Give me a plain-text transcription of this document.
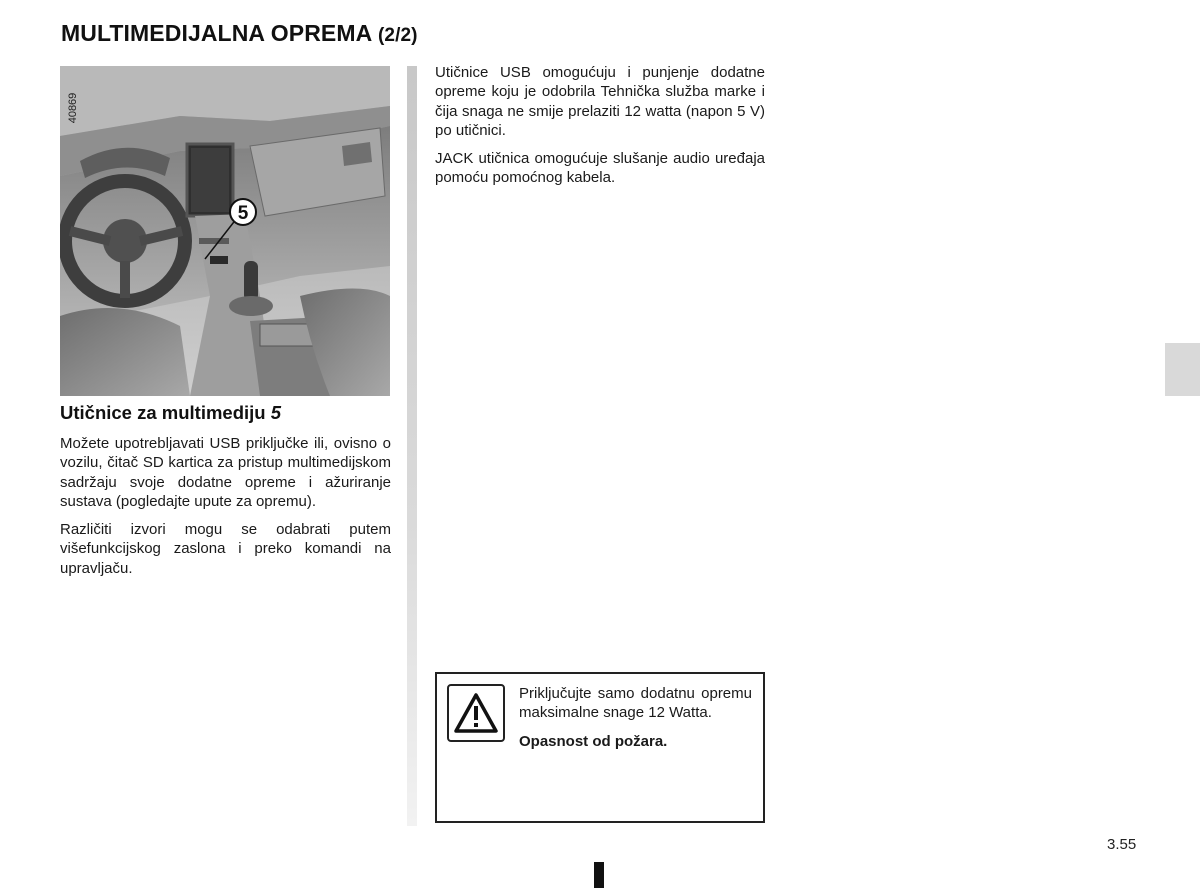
MULTIMEDIJALNA OPREMA (2/2)
5
40869
Utičnice za multimediju 5

Možete upotrebljavati USB priključke ili, ovisno o vozilu, čitač SD kartica za pristup multimedijskom sadržaju svoje dodatne opreme i ažuriranje sustava (pogledajte upute za opremu).

Različiti izvori mogu se odabrati putem višefunkcijskog zaslona i preko komandi na upravljaču.

Utičnice USB omogućuju i punjenje dodatne opreme koju je odobrila Tehnička služba marke i čija snaga ne smije prelaziti 12 watta (napon 5 V) po utičnici.

JACK utičnica omogućuje slušanje audio uređaja pomoću pomoćnog kabela.

Priključujte samo dodatnu opremu maksimalne snage 12 Watta.

Opasnost od požara.

3.55
